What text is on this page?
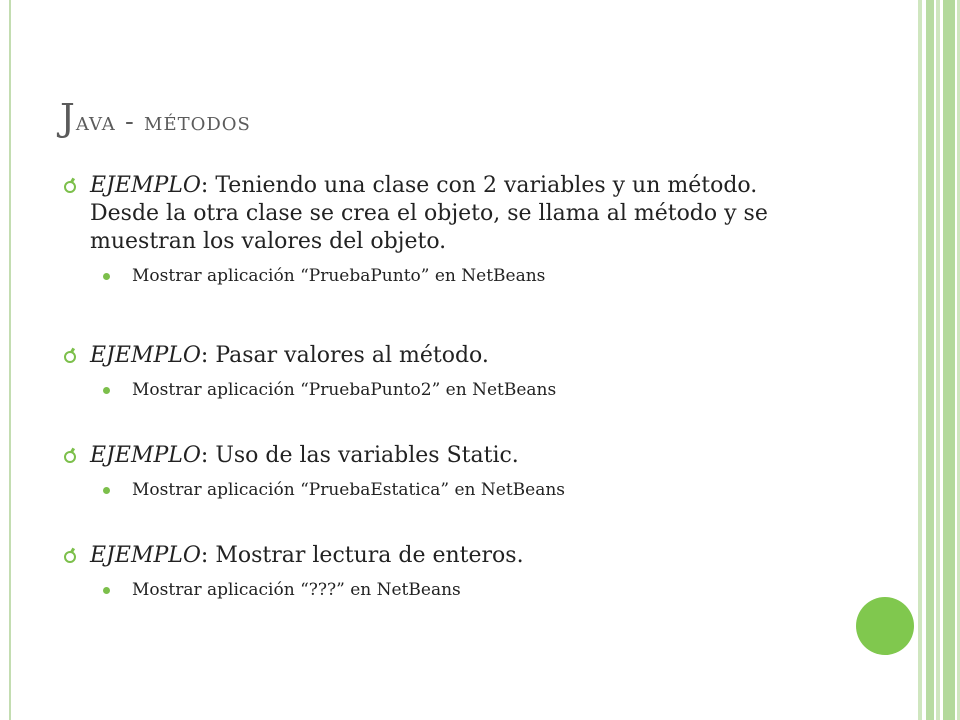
Java - métodos

EJEMPLO: Teniendo una clase con 2 variables y un método. Desde la otra clase se crea el objeto, se llama al método y se muestran los valores del objeto.

Mostrar aplicación “PruebaPunto” en NetBeans

EJEMPLO: Pasar valores al método.

Mostrar aplicación “PruebaPunto2” en NetBeans

EJEMPLO: Uso de las variables Static.

Mostrar aplicación “PruebaEstatica” en NetBeans

EJEMPLO: Mostrar lectura de enteros.

Mostrar aplicación “???” en NetBeans
